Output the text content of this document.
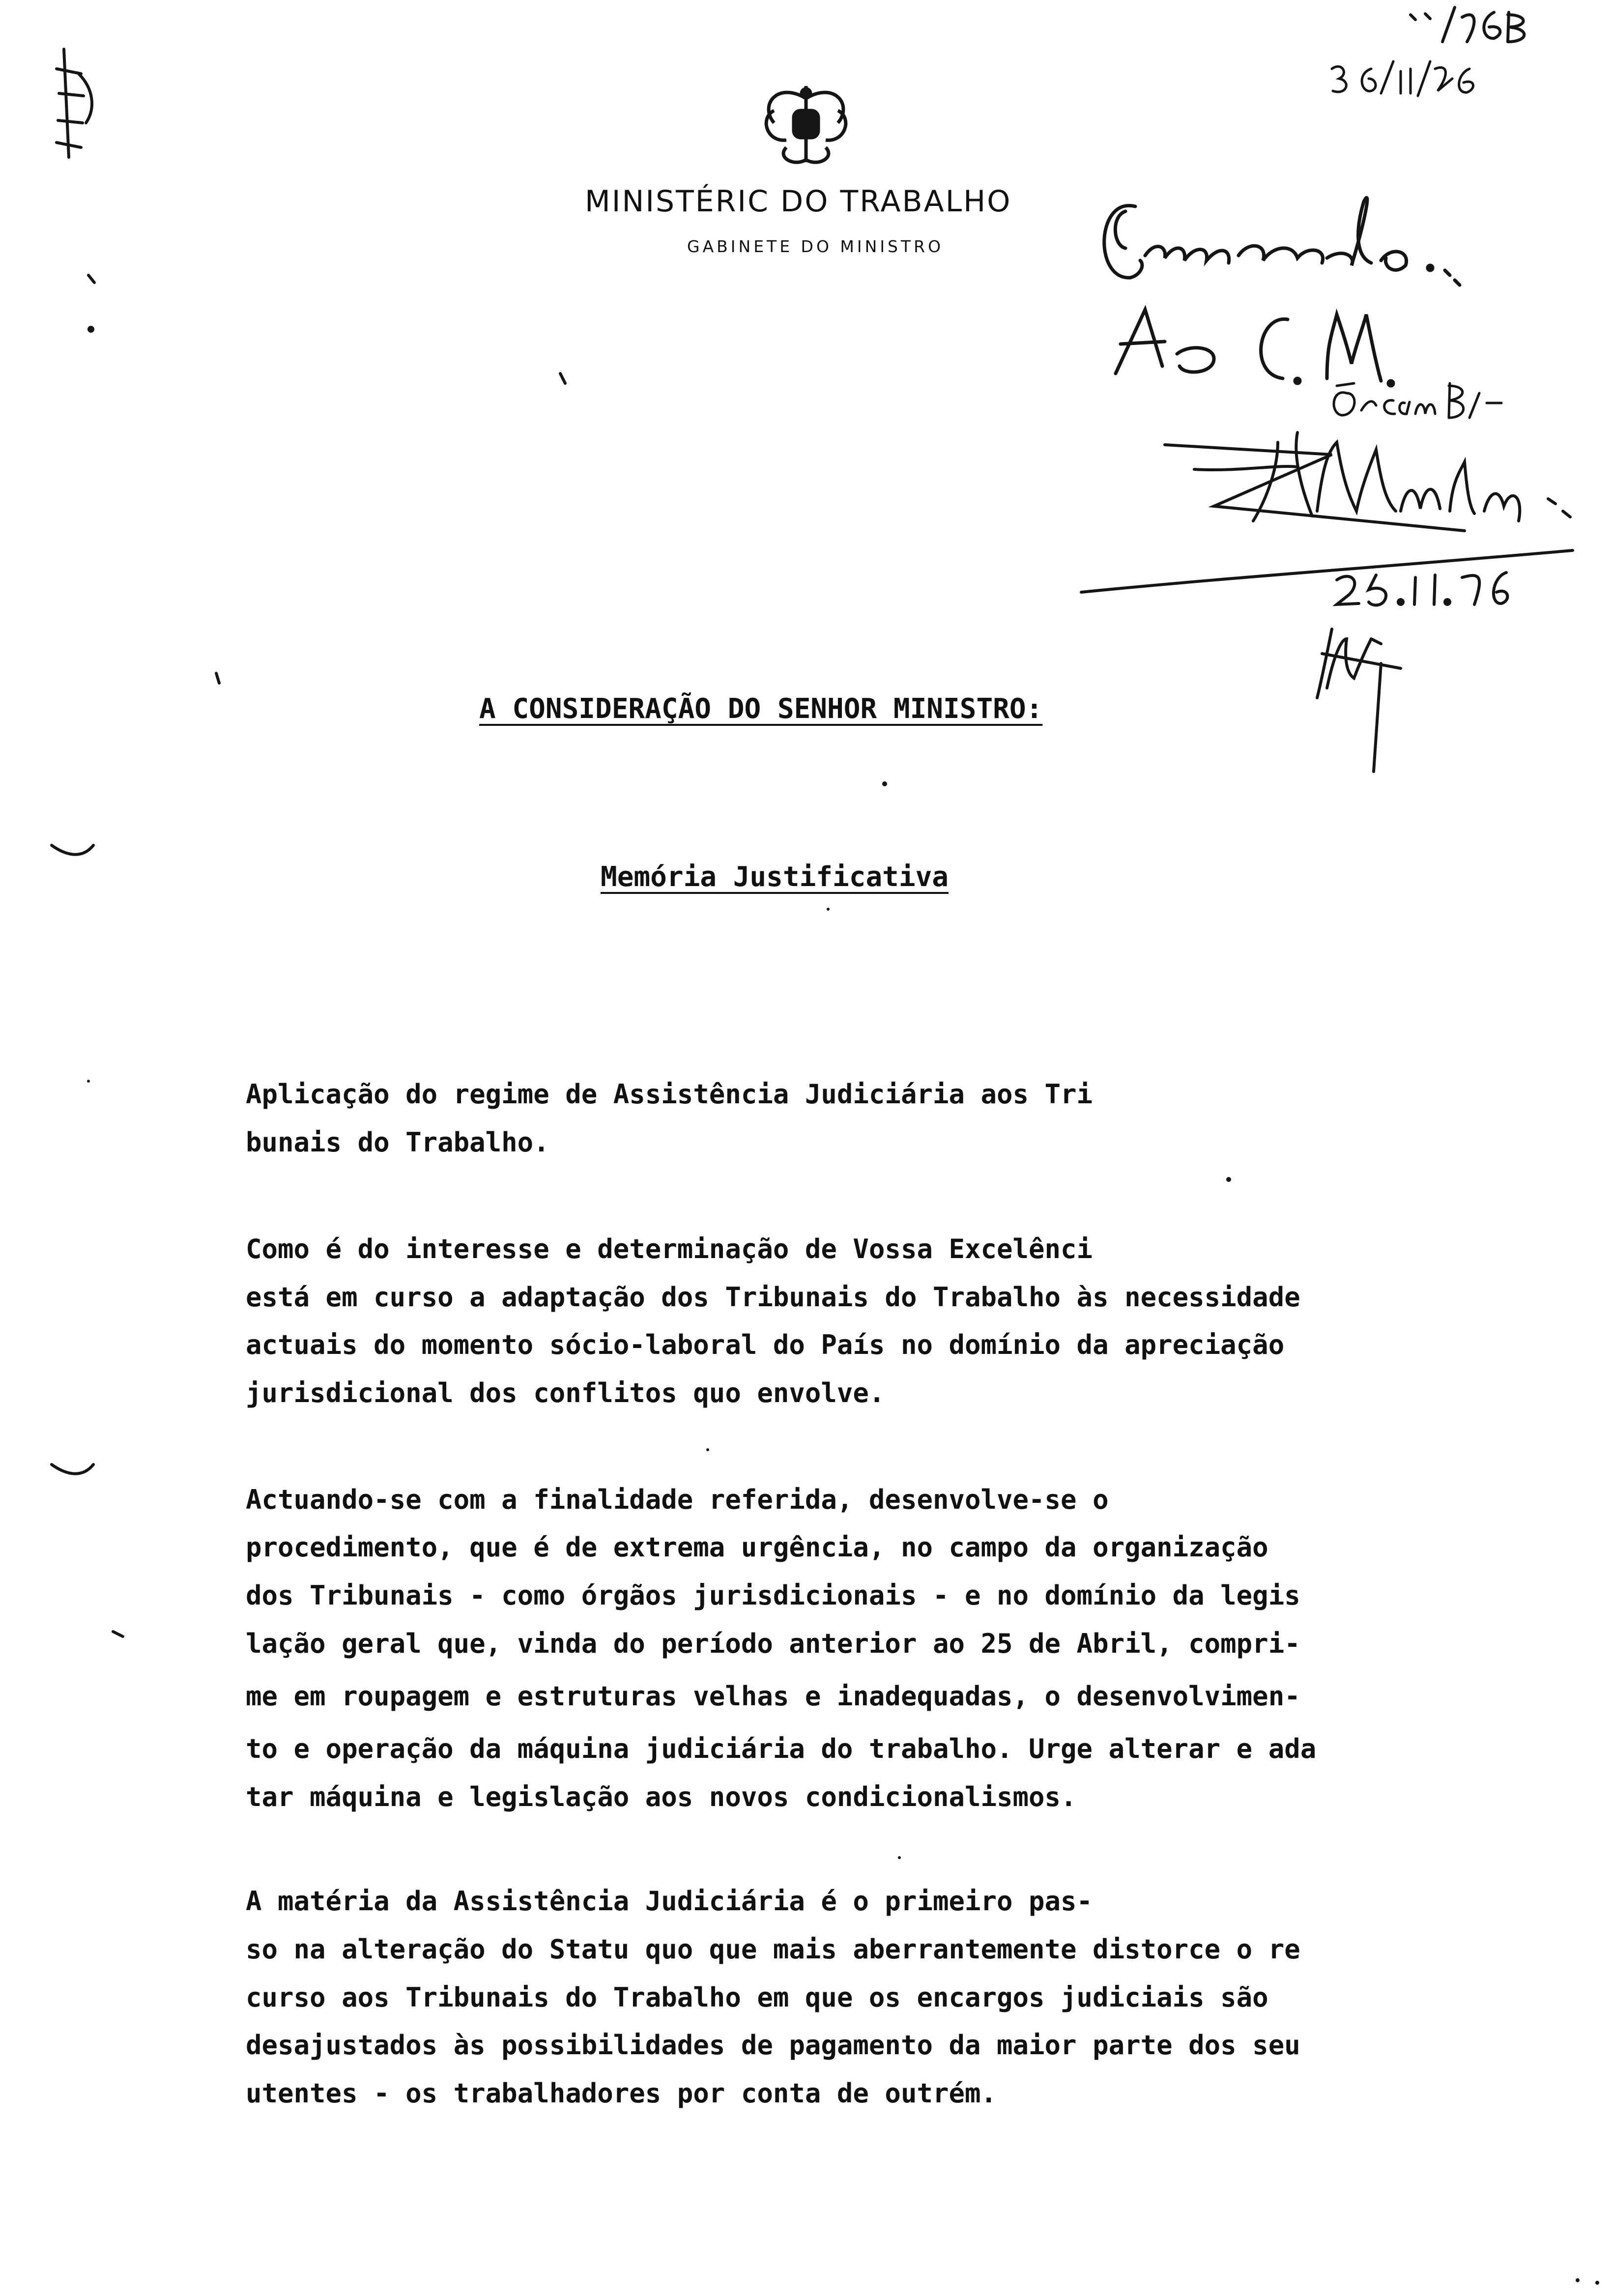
MINISTÉRIC DO TRABALHO
GABINETE DO MINISTRO
A CONSIDERAÇÃO DO SENHOR MINISTRO:
Memória Justificativa
Aplicação do regime de Assistência Judiciária aos Tri
bunais do Trabalho.
Como é do interesse e determinação de Vossa Excelênci
está em curso a adaptação dos Tribunais do Trabalho às necessidade
actuais do momento sócio-laboral do País no domínio da apreciação
jurisdicional dos conflitos quo envolve.
Actuando-se com a finalidade referida, desenvolve-se o
procedimento, que é de extrema urgência, no campo da organização
dos Tribunais - como órgãos jurisdicionais - e no domínio da legis
lação geral que, vinda do período anterior ao 25 de Abril, compri-
me em roupagem e estruturas velhas e inadequadas, o desenvolvimen-
to e operação da máquina judiciária do trabalho. Urge alterar e ada
tar máquina e legislação aos novos condicionalismos.
A matéria da Assistência Judiciária é o primeiro pas-
so na alteração do Statu quo que mais aberrantemente distorce o re
curso aos Tribunais do Trabalho em que os encargos judiciais são
desajustados às possibilidades de pagamento da maior parte dos seu
utentes - os trabalhadores por conta de outrém.
